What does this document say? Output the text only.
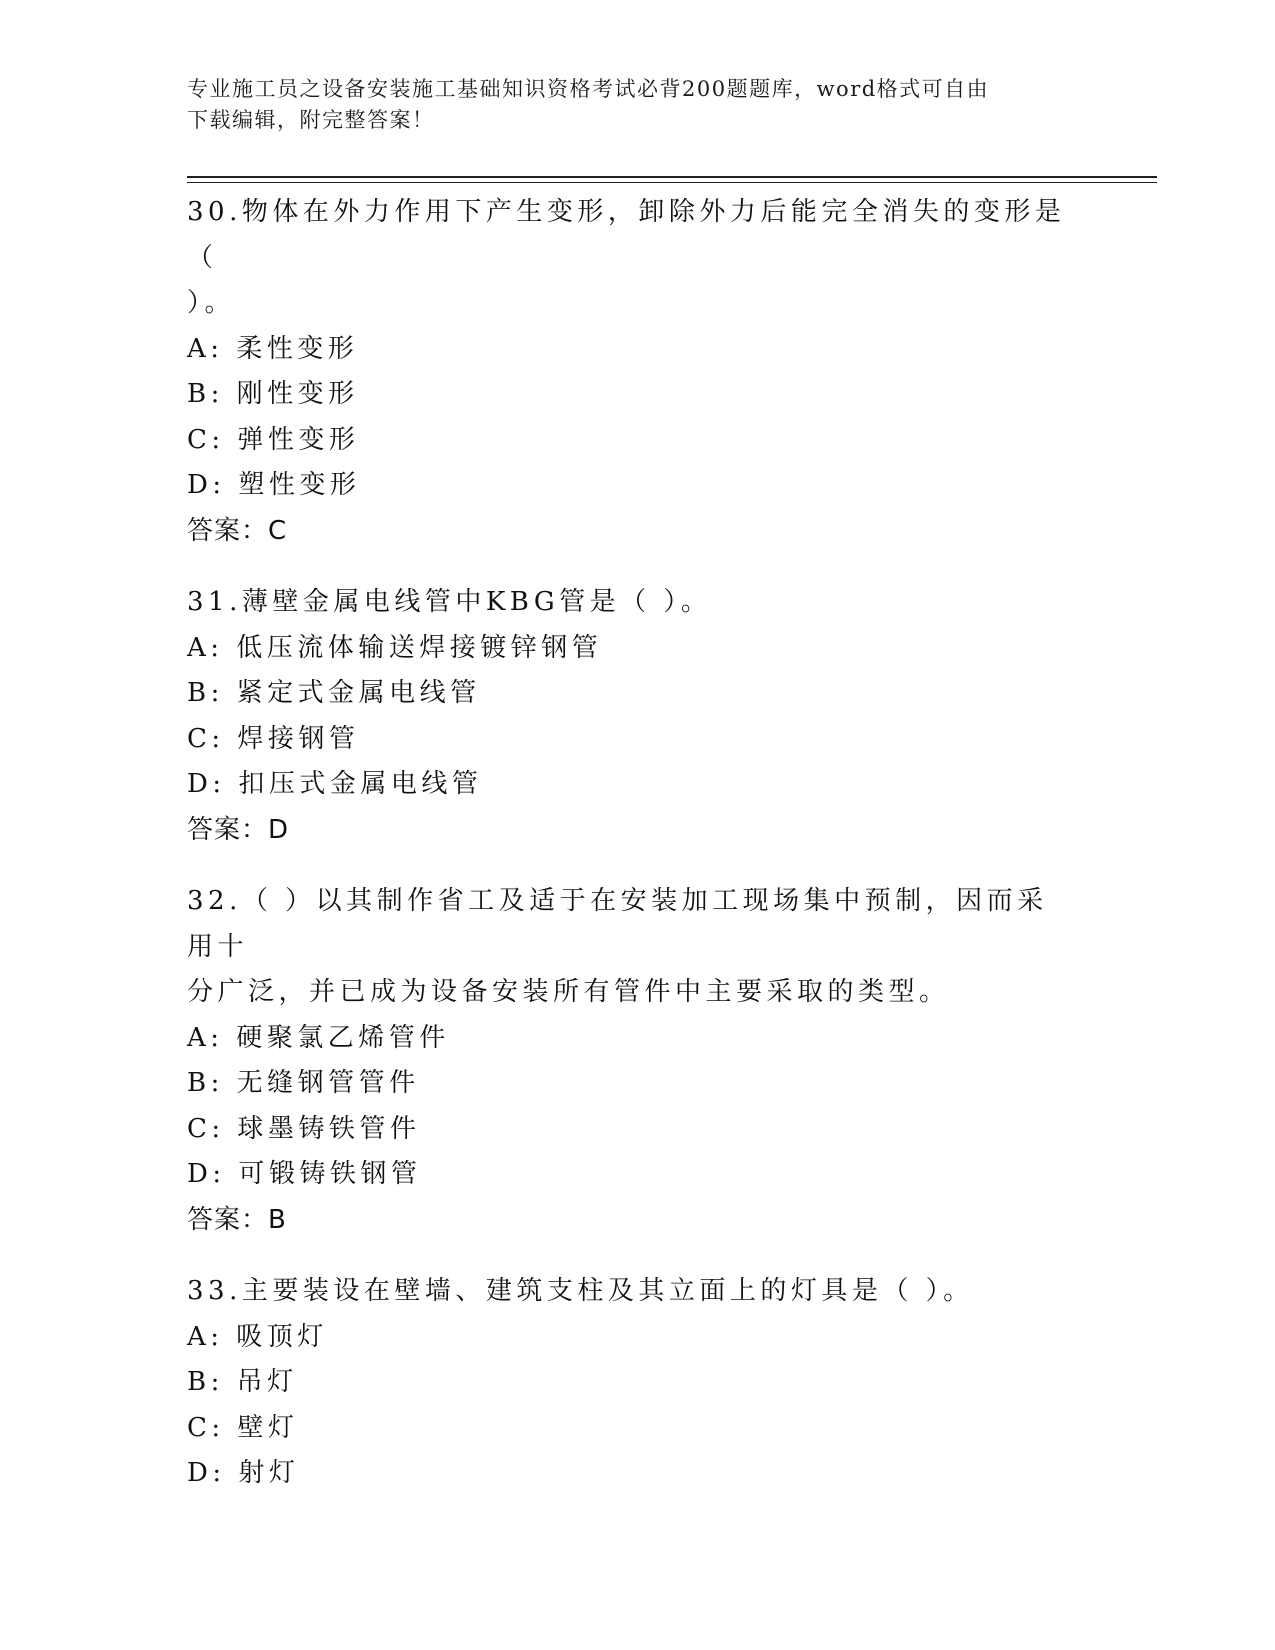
专业施工员之设备安装施工基础知识资格考试必背200题题库，word格式可自由
下载编辑，附完整答案！
30.物体在外力作用下产生变形，卸除外力后能完全消失的变形是（
）。
A: 柔性变形
B: 刚性变形
C: 弹性变形
D: 塑性变形
答案：C
31.薄壁金属电线管中KBG管是（ ）。
A: 低压流体输送焊接镀锌钢管
B: 紧定式金属电线管
C: 焊接钢管
D: 扣压式金属电线管
答案：D
32.（ ）以其制作省工及适于在安装加工现场集中预制，因而采用十
分广泛，并已成为设备安装所有管件中主要采取的类型。
A: 硬聚氯乙烯管件
B: 无缝钢管管件
C: 球墨铸铁管件
D: 可锻铸铁钢管
答案：B
33.主要装设在壁墙、建筑支柱及其立面上的灯具是（ ）。
A: 吸顶灯
B: 吊灯
C: 壁灯
D: 射灯
